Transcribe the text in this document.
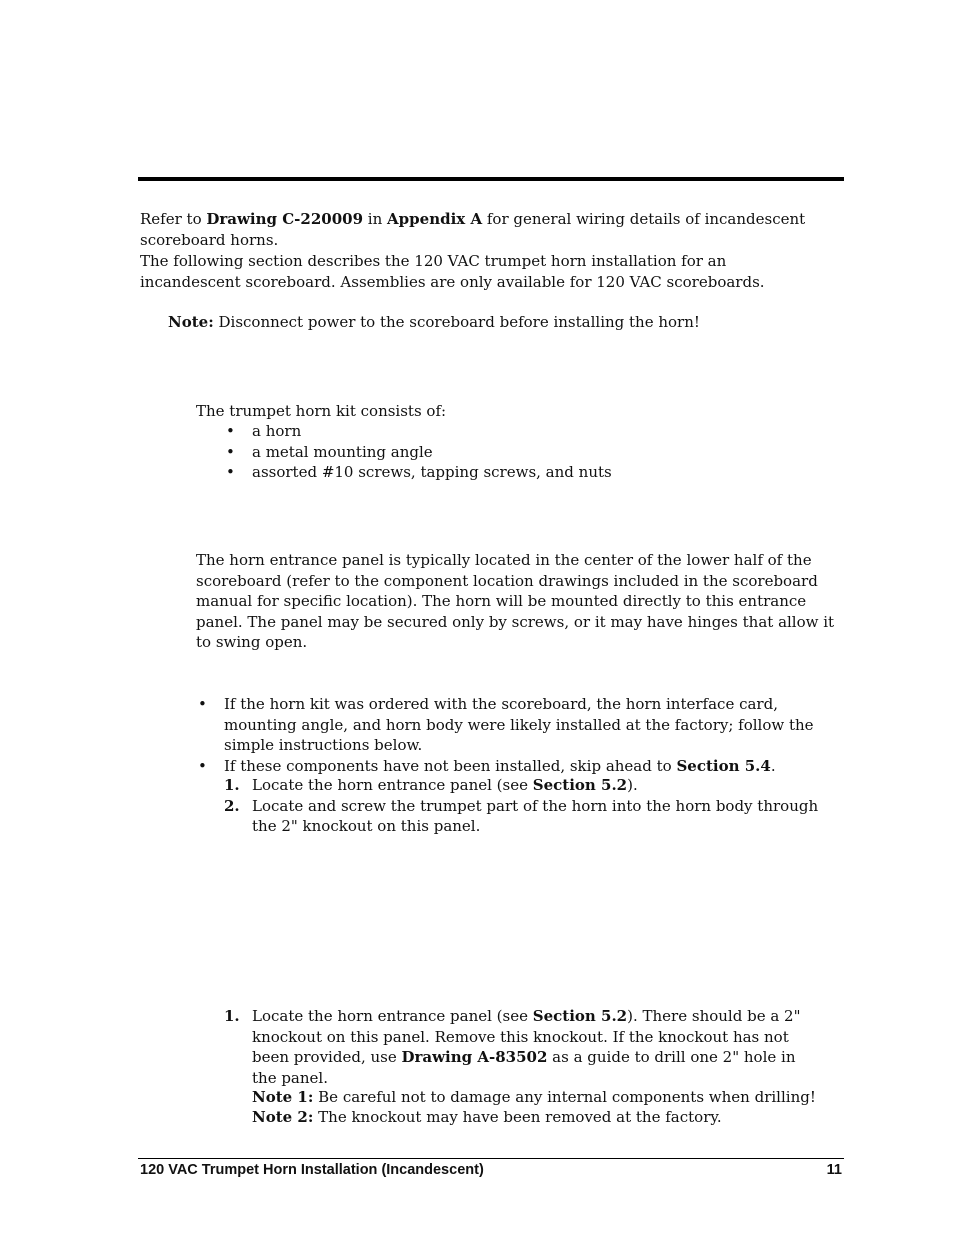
Refer to Drawing C-220009 in Appendix A for general wiring details of incandescent scoreboard horns.

The following section describes the 120 VAC trumpet horn installation for an incandescent scoreboard. Assemblies are only available for 120 VAC scoreboards.

Note: Disconnect power to the scoreboard before installing the horn!

The trumpet horn kit consists of:

• a horn
• a metal mounting angle
• assorted #10 screws, tapping screws, and nuts

The horn entrance panel is typically located in the center of the lower half of the scoreboard (refer to the component location drawings included in the scoreboard manual for specific location). The horn will be mounted directly to this entrance panel. The panel may be secured only by screws, or it may have hinges that allow it to swing open.

• If the horn kit was ordered with the scoreboard, the horn interface card, mounting angle, and horn body were likely installed at the factory; follow the simple instructions below.
• If these components have not been installed, skip ahead to Section 5.4.
1. Locate the horn entrance panel (see Section 5.2).
2. Locate and screw the trumpet part of the horn into the horn body through the 2" knockout on this panel.
1. Locate the horn entrance panel (see Section 5.2). There should be a 2" knockout on this panel. Remove this knockout. If the knockout has not been provided, use Drawing A-83502 as a guide to drill one 2" hole in the panel.

Note 1: Be careful not to damage any internal components when drilling!

Note 2: The knockout may have been removed at the factory.

120 VAC Trumpet Horn Installation (Incandescent)	11
